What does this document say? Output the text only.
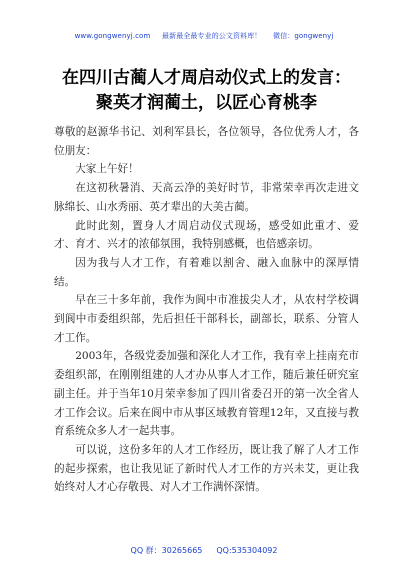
www.gongwenyj.com 最新最全最专业的公文资料库！ 微信：gongwenyj
在四川古蔺人才周启动仪式上的发言：聚英才润蔺土，以匠心育桃李

尊敬的赵源华书记、刘利军县长，各位领导，各位优秀人才，各位朋友：

大家上午好！

在这初秋暑消、天高云净的美好时节，非常荣幸再次走进文脉绵长、山水秀丽、英才辈出的大美古蔺。

此时此刻，置身人才周启动仪式现场，感受如此重才、爱才、育才、兴才的浓郁氛围，我特别感概，也倍感亲切。

因为我与人才工作，有着难以割舍、融入血脉中的深厚情结。

早在三十多年前，我作为阆中市准拔尖人才，从农村学校调到阆中市委组织部，先后担任干部科长，副部长，联系、分管人才工作。

2003年，各级党委加强和深化人才工作，我有幸上挂南充市委组织部，在刚刚组建的人才办从事人才工作，随后兼任研究室副主任。并于当年10月荣幸参加了四川省委召开的第一次全省人才工作会议。后来在阆中市从事区域教育管理12年，又直接与教育系统众多人才一起共事。

可以说，这份多年的人才工作经历，既让我了解了人才工作的起步探索，也让我见证了新时代人才工作的方兴未艾，更让我始终对人才心存敬畏、对人才工作满怀深情。

QQ 群：30265665 QQ:535304092
